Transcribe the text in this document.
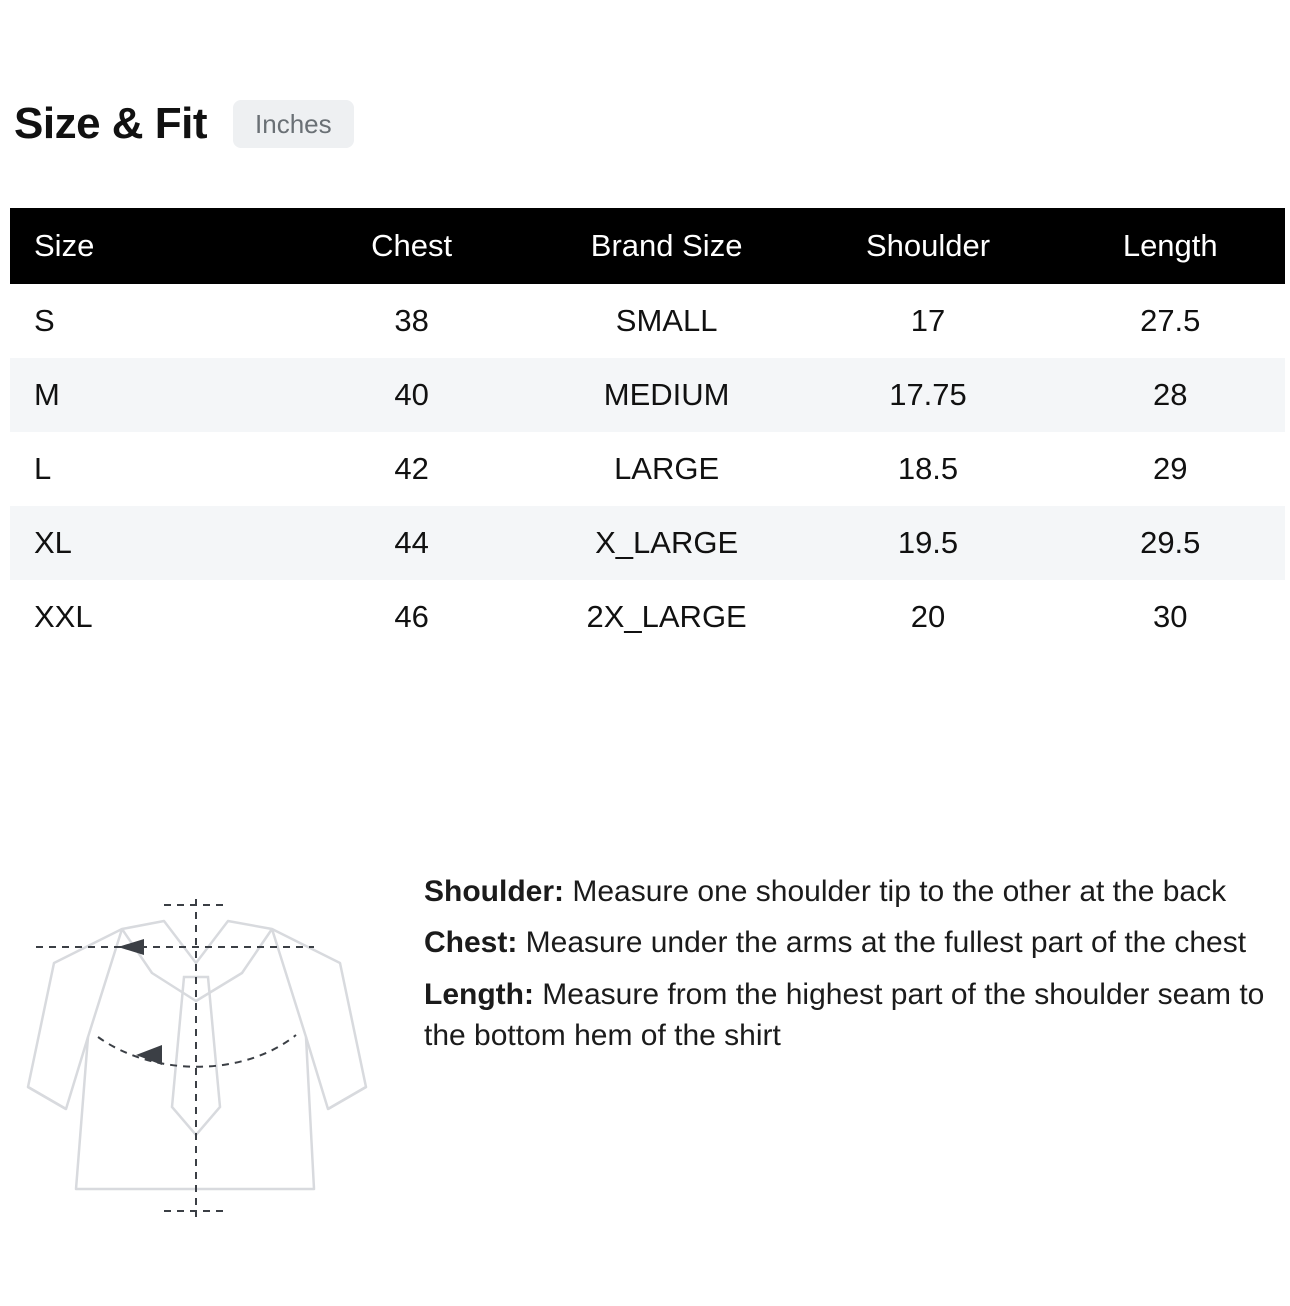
Size & Fit	Inches
Size	Chest	Brand Size	Shoulder	Length
S	38	SMALL	17	27.5
M	40	MEDIUM	17.75	28
L	42	LARGE	18.5	29
XL	44	X_LARGE	19.5	29.5
XXL	46	2X_LARGE	20	30
Shoulder: Measure one shoulder tip to the other at the back
Chest: Measure under the arms at the fullest part of the chest
Length: Measure from the highest part of the shoulder seam to the bottom hem of the shirt
